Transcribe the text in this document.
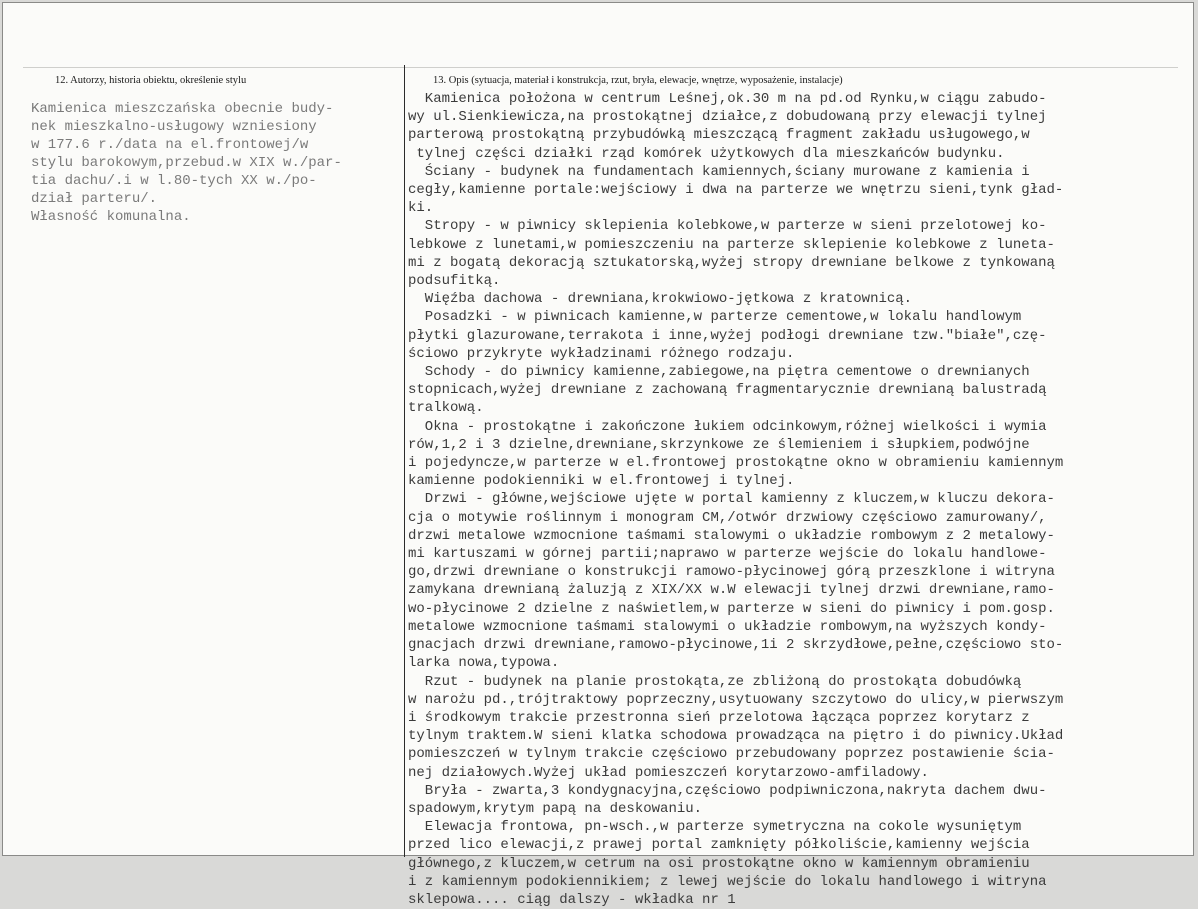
12. Autorzy, historia obiektu, określenie stylu	13. Opis (sytuacja, materiał i konstrukcja, rzut, bryła, elewacje, wnętrze, wyposażenie, instalacje)
Kamienica mieszczańska obecnie budy-
nek mieszkalno-usługowy wzniesiony
w 177.6 r./data na el.frontowej/w
stylu barokowym,przebud.w XIX w./par-
tia dachu/.i w l.80-tych XX w./po-
dział parteru/.
Własność komunalna.
Kamienica położona w centrum Leśnej,ok.30 m na pd.od Rynku,w ciągu zabudo-
wy ul.Sienkiewicza,na prostokątnej działce,z dobudowaną przy elewacji tylnej
parterową prostokątną przybudówką mieszczącą fragment zakładu usługowego,w
tylnej części działki rząd komórek użytkowych dla mieszkańców budynku.
Ściany - budynek na fundamentach kamiennych,ściany murowane z kamienia i
cegły,kamienne portale:wejściowy i dwa na parterze we wnętrzu sieni,tynk gład-
ki.
Stropy - w piwnicy sklepienia kolebkowe,w parterze w sieni przelotowej ko-
lebkowe z lunetami,w pomieszczeniu na parterze sklepienie kolebkowe z luneta-
mi z bogatą dekoracją sztukatorską,wyżej stropy drewniane belkowe z tynkowaną
podsufitką.
Więźba dachowa - drewniana,krokwiowo-jętkowa z kratownicą.
Posadzki - w piwnicach kamienne,w parterze cementowe,w lokalu handlowym
płytki glazurowane,terrakota i inne,wyżej podłogi drewniane tzw."białe",czę-
ściowo przykryte wykładzinami różnego rodzaju.
Schody - do piwnicy kamienne,zabiegowe,na piętra cementowe o drewnianych
stopnicach,wyżej drewniane z zachowaną fragmentarycznie drewnianą balustradą
tralkową.
Okna - prostokątne i zakończone łukiem odcinkowym,różnej wielkości i wymia
rów,1,2 i 3 dzielne,drewniane,skrzynkowe ze ślemieniem i słupkiem,podwójne
i pojedyncze,w parterze w el.frontowej prostokątne okno w obramieniu kamiennym
kamienne podokienniki w el.frontowej i tylnej.
Drzwi - główne,wejściowe ujęte w portal kamienny z kluczem,w kluczu dekora-
cja o motywie roślinnym i monogram CM,/otwór drzwiowy częściowo zamurowany/,
drzwi metalowe wzmocnione taśmami stalowymi o układzie rombowym z 2 metalowy-
mi kartuszami w górnej partii;naprawo w parterze wejście do lokalu handlowe-
go,drzwi drewniane o konstrukcji ramowo-płycinowej górą przeszklone i witryna
zamykana drewnianą żaluzją z XIX/XX w.W elewacji tylnej drzwi drewniane,ramo-
wo-płycinowe 2 dzielne z naświetlem,w parterze w sieni do piwnicy i pom.gosp.
metalowe wzmocnione taśmami stalowymi o układzie rombowym,na wyższych kondy-
gnacjach drzwi drewniane,ramowo-płycinowe,1i 2 skrzydłowe,pełne,częściowo sto-
larka nowa,typowa.
Rzut - budynek na planie prostokąta,ze zbliżoną do prostokąta dobudówką
w narożu pd.,trójtraktowy poprzeczny,usytuowany szczytowo do ulicy,w pierwszym
i środkowym trakcie przestronna sień przelotowa łącząca poprzez korytarz z
tylnym traktem.W sieni klatka schodowa prowadząca na piętro i do piwnicy.Układ
pomieszczeń w tylnym trakcie częściowo przebudowany poprzez postawienie ścia-
nej działowych.Wyżej układ pomieszczeń korytarzowo-amfiladowy.
Bryła - zwarta,3 kondygnacyjna,częściowo podpiwniczona,nakryta dachem dwu-
spadowym,krytym papą na deskowaniu.
Elewacja frontowa, pn-wsch.,w parterze symetryczna na cokole wysuniętym
przed lico elewacji,z prawej portal zamknięty półkoliście,kamienny wejścia
głównego,z kluczem,w cetrum na osi prostokątne okno w kamiennym obramieniu
i z kamiennym podokiennikiem; z lewej wejście do lokalu handlowego i witryna
sklepowa.... ciąg dalszy - wkładka nr 1
